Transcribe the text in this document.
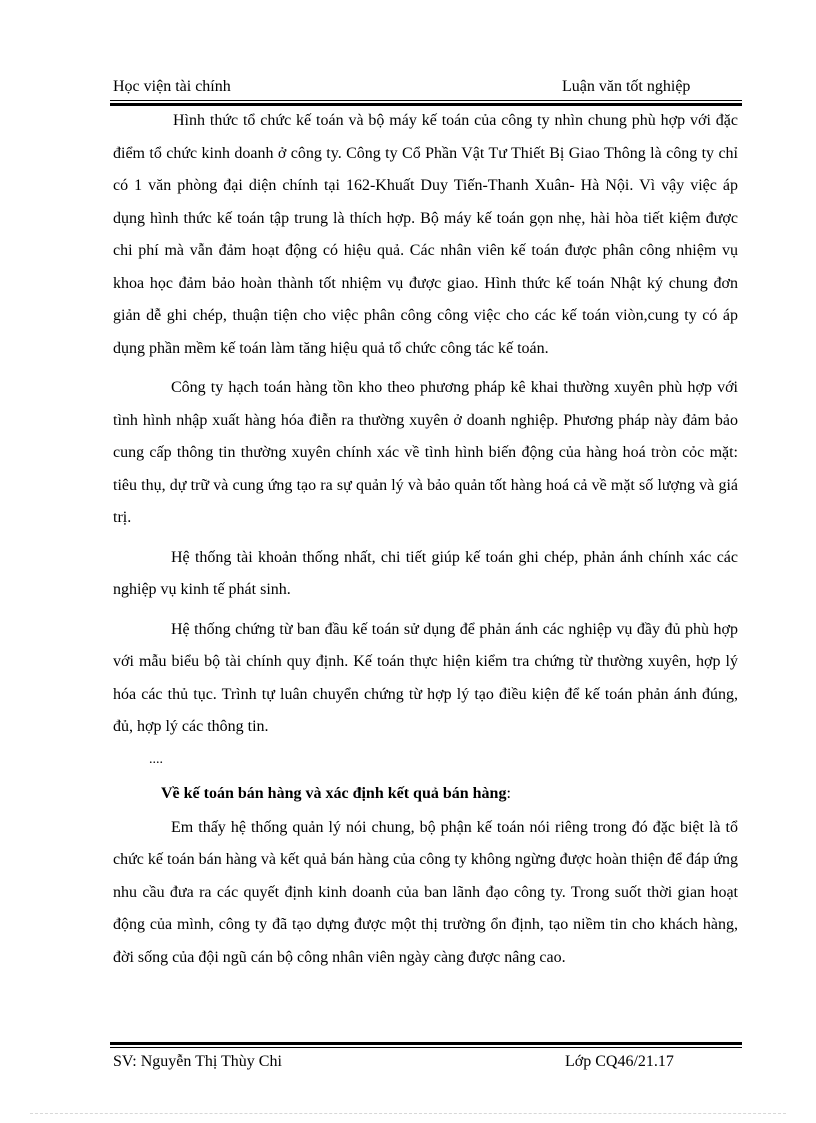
Học viện tài chính	Luận văn tốt nghiệp

Hình thức tổ chức kế toán và bộ máy kế toán của công ty nhìn chung phù hợp với đặc điểm tổ chức kinh doanh ở công ty. Công ty Cổ Phần Vật Tư Thiết Bị Giao Thông là công ty chỉ có 1 văn phòng đại diện chính tại 162-Khuất Duy Tiến-Thanh Xuân- Hà Nội. Vì vậy việc áp dụng hình thức kế toán tập trung là thích hợp. Bộ máy kế toán gọn nhẹ, hài hòa tiết kiệm được chi phí mà vẫn đảm hoạt động có hiệu quả. Các nhân viên kế toán được phân công nhiệm vụ khoa học đảm bảo hoàn thành tốt nhiệm vụ được giao. Hình thức kế toán Nhật ký chung đơn giản dễ ghi chép, thuận tiện cho việc phân công công việc cho các kế toán viòn,cung ty có áp dụng phần mềm kế toán làm tăng hiệu quả tổ chức công tác kế toán.

Công ty hạch toán hàng tồn kho theo phương pháp kê khai thường xuyên phù hợp với tình hình nhập xuất hàng hóa điễn ra thường xuyên ở doanh nghiệp. Phương pháp này đảm bảo cung cấp thông tin thường xuyên chính xác về tình hình biến động của hàng hoá tròn cỏc mặt: tiêu thụ, dự trữ và cung ứng tạo ra sự quản lý và bảo quản tốt hàng hoá cả về mặt số lượng và giá trị.

Hệ thống tài khoản thống nhất, chi tiết giúp kế toán ghi chép, phản ánh chính xác các nghiệp vụ kinh tế phát sinh.

Hệ thống chứng từ ban đầu kế toán sử dụng để phản ánh các nghiệp vụ đầy đủ phù hợp với mẫu biểu bộ tài chính quy định. Kế toán thực hiện kiểm tra chứng từ thường xuyên, hợp lý hóa các thủ tục. Trình tự luân chuyển chứng từ hợp lý tạo điều kiện để kế toán phản ánh đúng, đủ, hợp lý các thông tin.

....
Về kế toán bán hàng và xác định kết quả bán hàng:

Em thấy hệ thống quản lý nói chung, bộ phận kế toán nói riêng trong đó đặc biệt là tổ chức kế toán bán hàng và kết quả bán hàng của công ty không ngừng được hoàn thiện để đáp ứng nhu cầu đưa ra các quyết định kinh doanh của ban lãnh đạo công ty. Trong suốt thời gian hoạt động của mình, công ty đã tạo dựng được một thị trường ổn định, tạo niềm tin cho khách hàng, đời sống của đội ngũ cán bộ công nhân viên ngày càng được nâng cao.

SV: Nguyễn Thị Thùy Chi	Lớp CQ46/21.17
